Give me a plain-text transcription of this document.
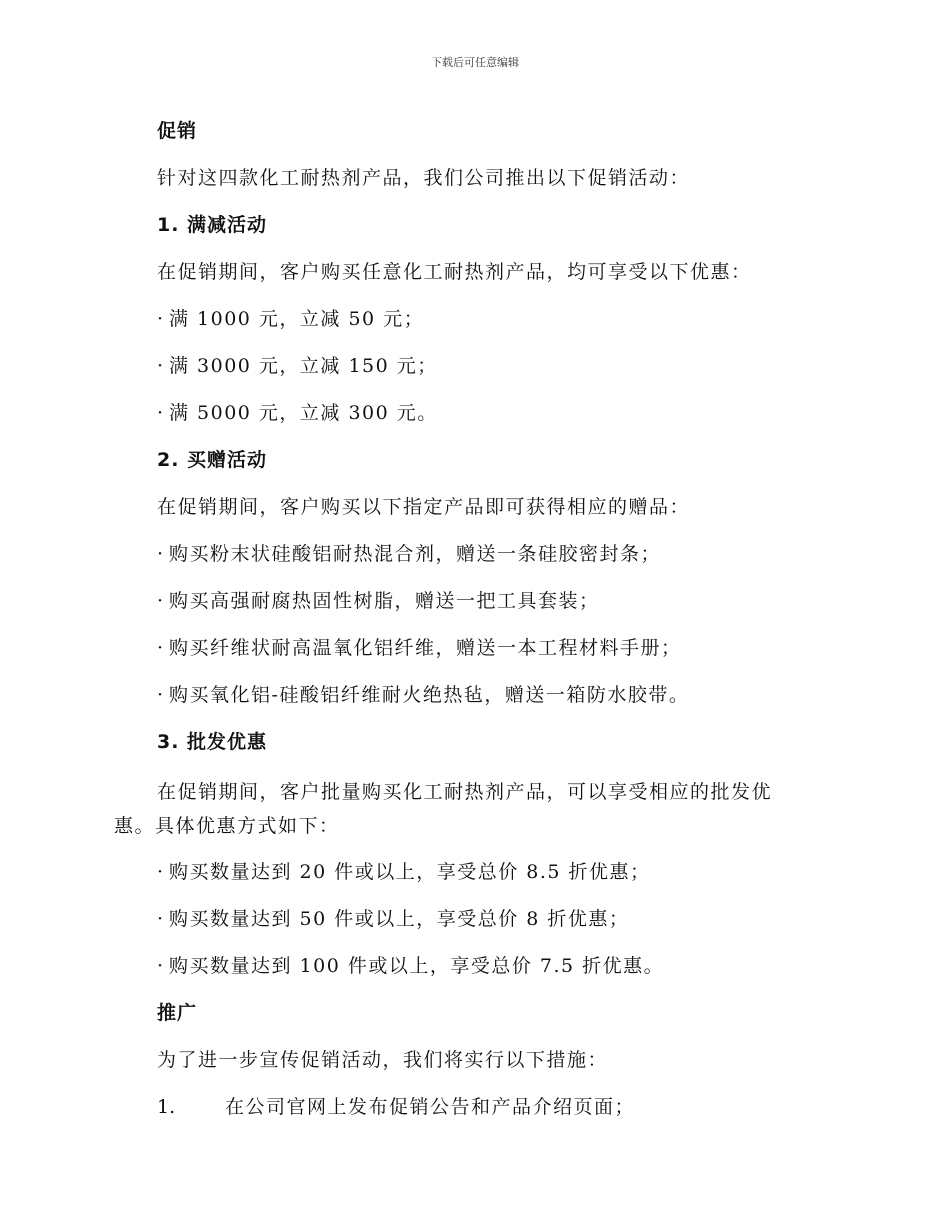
下载后可任意编辑
促销
针对这四款化工耐热剂产品，我们公司推出以下促销活动：
1. 满减活动
在促销期间，客户购买任意化工耐热剂产品，均可享受以下优惠：
· 满 1000 元，立减 50 元；
· 满 3000 元，立减 150 元；
· 满 5000 元，立减 300 元。
2. 买赠活动
在促销期间，客户购买以下指定产品即可获得相应的赠品：
· 购买粉末状硅酸铝耐热混合剂，赠送一条硅胶密封条；
· 购买高强耐腐热固性树脂，赠送一把工具套装；
· 购买纤维状耐高温氧化铝纤维，赠送一本工程材料手册；
· 购买氧化铝-硅酸铝纤维耐火绝热毡，赠送一箱防水胶带。
3. 批发优惠
在促销期间，客户批量购买化工耐热剂产品，可以享受相应的批发优
惠。具体优惠方式如下：
· 购买数量达到 20 件或以上，享受总价 8.5 折优惠；
· 购买数量达到 50 件或以上，享受总价 8 折优惠；
· 购买数量达到 100 件或以上，享受总价 7.5 折优惠。
推广
为了进一步宣传促销活动，我们将实行以下措施：
1.	在公司官网上发布促销公告和产品介绍页面；
